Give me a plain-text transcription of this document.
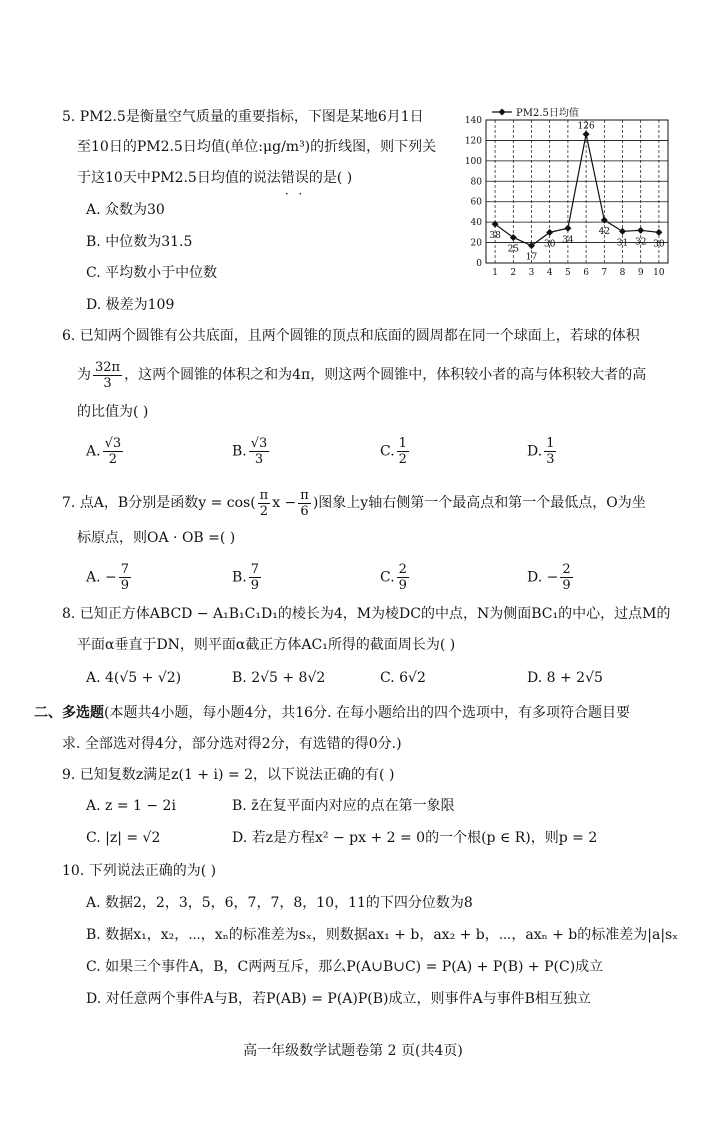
5. PM2.5是衡量空气质量的重要指标，下图是某地6月1日
至10日的PM2.5日均值(单位:μg/m³)的折线图，则下列关
于这10天中PM2.5日均值的说法错误 · ·的是( )
A. 众数为30
B. 中位数为31.5
C. 平均数小于中位数
D. 极差为109
0
20
40
60
80
100
120
140
1 2 3 4 5 6 7 8 9 10
38
25
17
30 34
126
42
31 32 30
PM2.5日均值
6. 已知两个圆锥有公共底面，且两个圆锥的顶点和底面的圆周都在同一个球面上，若球的体积
为 $\frac{32\pi}{3}$ ，这两个圆锥的体积之和为4π，则这两个圆锥中，体积较小者的高与体积较大者的高
的比值为( )
A. $\frac{√3}{2}$	B. $\frac{√3}{3}$	C. $\frac{1}{2}$	D. $\frac{1}{3}$
7. 点A，B分别是函数$y = \cos( \frac{\pi}{2}$ $x - \frac{\pi}{6}$ )图象上y轴右侧第一个最高点和第一个最低点，O为坐
标原点，则OA · OB =( )
A. − $\frac{7}{9}$	B. $\frac{7}{9}$	C. $\frac{2}{9}$	D. − $\frac{2}{9}$
8. 已知正方体ABCD − A₁B₁C₁D₁的棱长为4，M为棱DC的中点，N为侧面BC₁的中心，过点M的
平面α垂直于DN，则平面α截正方体AC₁所得的截面周长为( )
A. 4(√5 + √2)	B. 2√5 + 8√2	C. 6√2	D. 8 + 2√5
二、多选题(本题共4小题，每小题4分，共16分. 在每小题给出的四个选项中，有多项符合题目要
求. 全部选对得4分，部分选对得2分，有选错的得0分.)
9. 已知复数z满足z(1 + i) = 2，以下说法正确的有( )
A. z = 1 − 2i	B. z̄在复平面内对应的点在第一象限
C. |z| = √2	D. 若z是方程x² − px + 2 = 0的一个根(p ∈ R)，则p = 2
10. 下列说法正确的为( )
A. 数据2，2，3，5，6，7，7，8，10，11的下四分位数为8
B. 数据x₁，x₂，⋯，xₙ的标准差为sₓ，则数据ax₁ + b，ax₂ + b，⋯，axₙ + b的标准差为|a|sₓ
C. 如果三个事件A，B，C两两互斥，那么P(A∪B∪C) = P(A) + P(B) + P(C)成立
D. 对任意两个事件A与B，若P(AB) = P(A)P(B)成立，则事件A与事件B相互独立
高一年级数学试题卷第 2 页(共4页)
